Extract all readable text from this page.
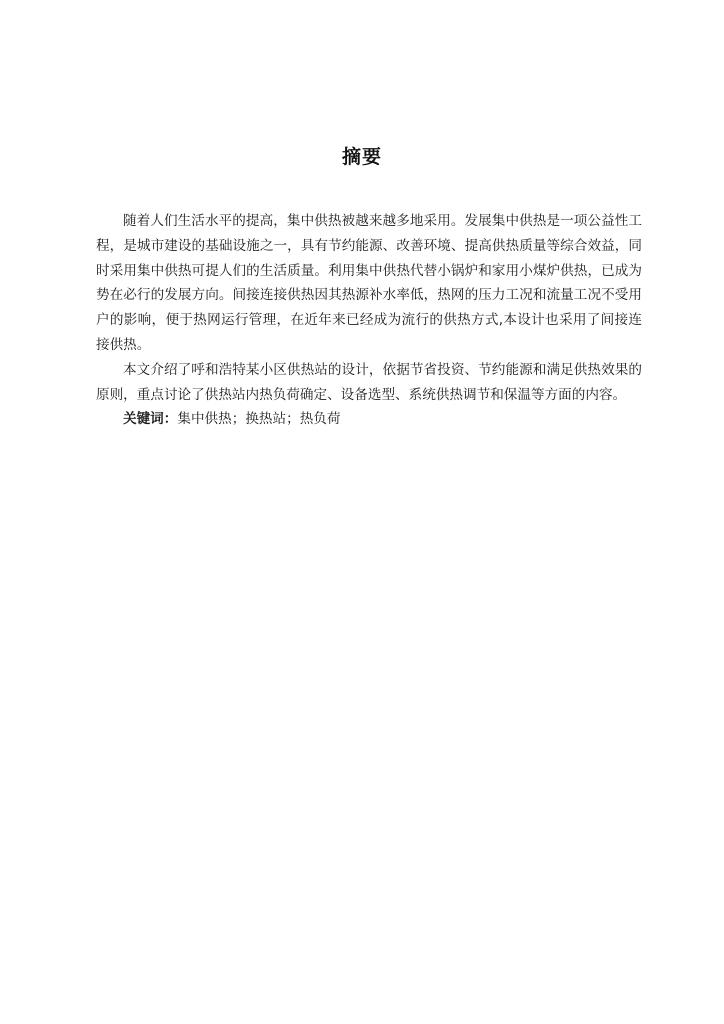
摘要

随着人们生活水平的提高，集中供热被越来越多地采用。发展集中供热是一项公益性工程，是城市建设的基础设施之一，具有节约能源、改善环境、提高供热质量等综合效益，同时采用集中供热可提人们的生活质量。利用集中供热代替小锅炉和家用小煤炉供热，已成为势在必行的发展方向。间接连接供热因其热源补水率低，热网的压力工况和流量工况不受用户的影响，便于热网运行管理，在近年来已经成为流行的供热方式,本设计也采用了间接连接供热。

本文介绍了呼和浩特某小区供热站的设计，依据节省投资、节约能源和满足供热效果的原则，重点讨论了供热站内热负荷确定、设备选型、系统供热调节和保温等方面的内容。

关键词：集中供热；换热站；热负荷
